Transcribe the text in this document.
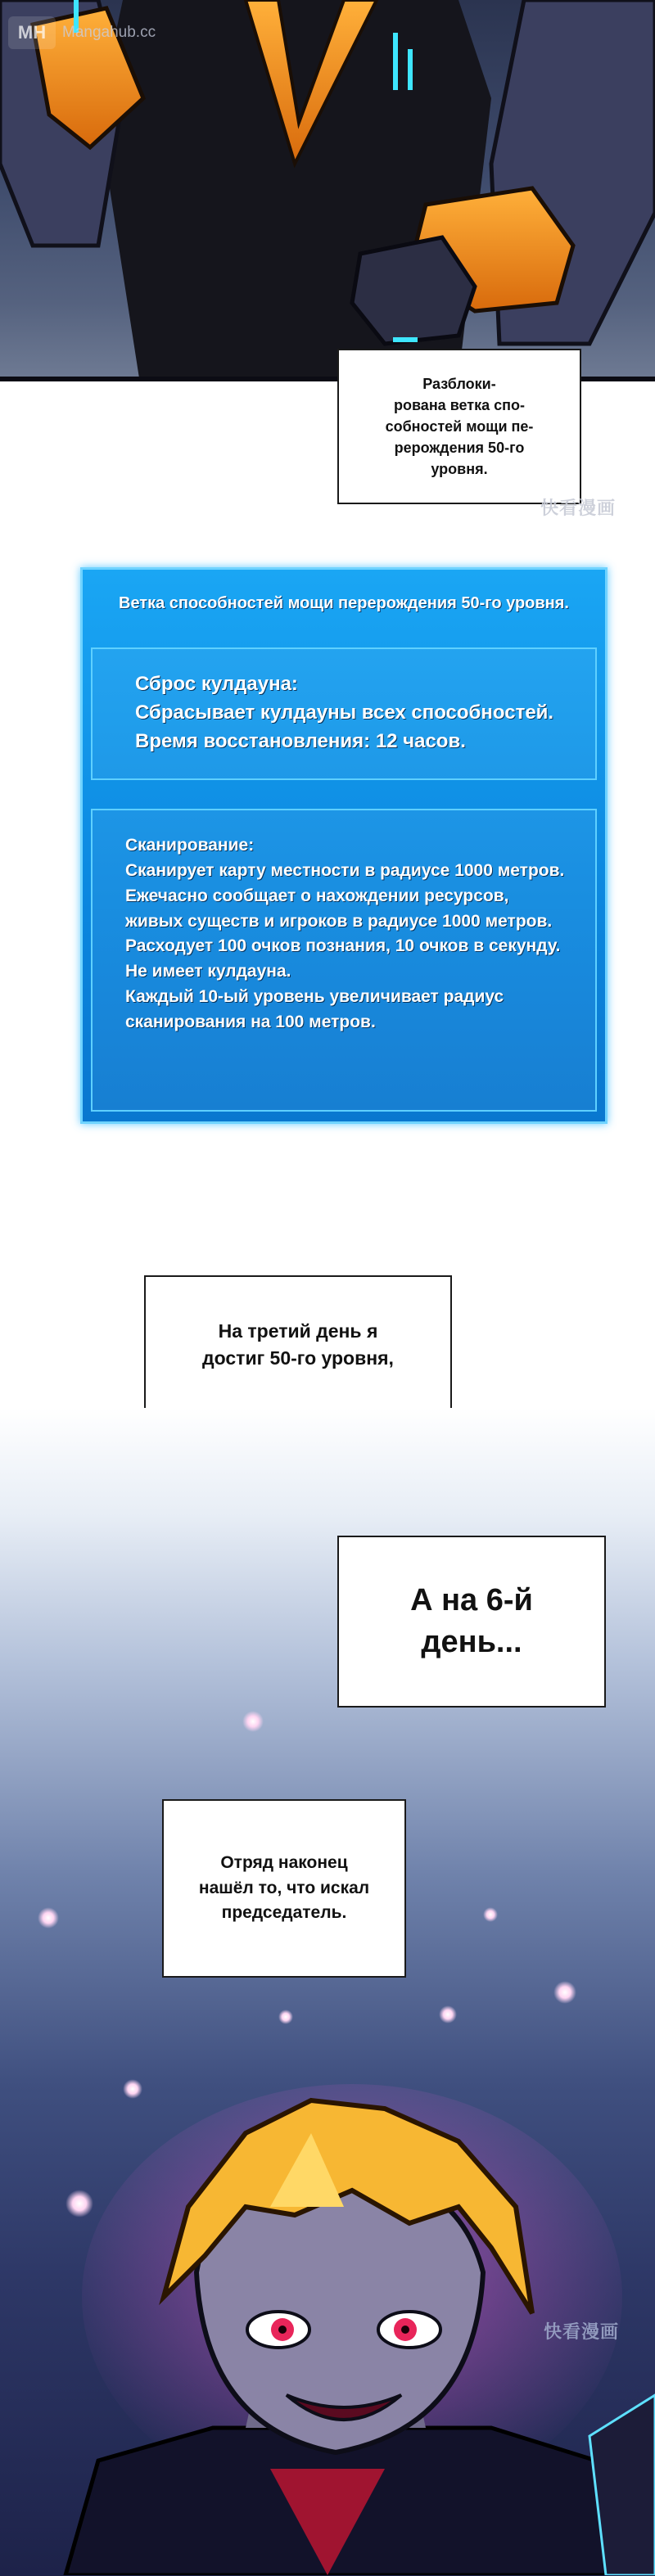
MH	Mangahub.cc
Разблоки-
рована ветка спо-
собностей мощи пе-
рерождения 50-го
уровня.
快看漫画
Ветка способностей мощи перерождения 50-го уровня.
Сброс кулдауна:
Сбрасывает кулдауны всех способностей.
Время восстановления: 12 часов.
Сканирование:
Сканирует карту местности в радиусе 1000 метров.
Ежечасно сообщает о нахождении ресурсов,
живых существ и игроков в радиусе 1000 метров.
Расходует 100 очков познания, 10 очков в секунду.
Не имеет кулдауна.
Каждый 10-ый уровень увеличивает радиус
сканирования на 100 метров.
На третий день я
достиг 50-го уровня,
А на 6-й
день...
Отряд наконец
нашёл то, что искал
председатель.
快看漫画
